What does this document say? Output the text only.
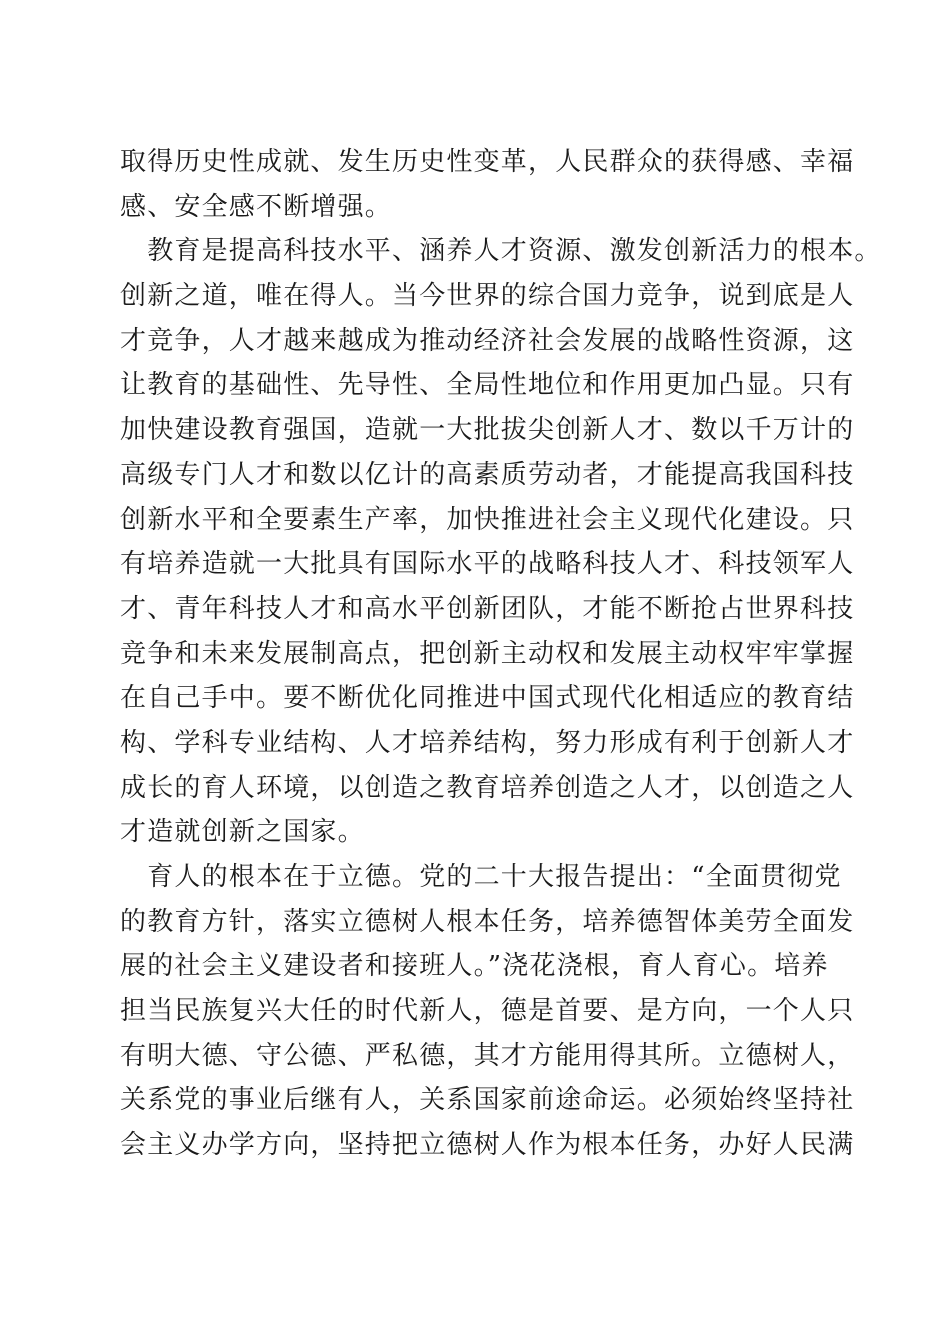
取得历史性成就、发生历史性变革，人民群众的获得感、幸福
感、安全感不断增强。
　教育是提高科技水平、涵养人才资源、激发创新活力的根本。
创新之道，唯在得人。当今世界的综合国力竞争，说到底是人
才竞争，人才越来越成为推动经济社会发展的战略性资源，这
让教育的基础性、先导性、全局性地位和作用更加凸显。只有
加快建设教育强国，造就一大批拔尖创新人才、数以千万计的
高级专门人才和数以亿计的高素质劳动者，才能提高我国科技
创新水平和全要素生产率，加快推进社会主义现代化建设。只
有培养造就一大批具有国际水平的战略科技人才、科技领军人
才、青年科技人才和高水平创新团队，才能不断抢占世界科技
竞争和未来发展制高点，把创新主动权和发展主动权牢牢掌握
在自己手中。要不断优化同推进中国式现代化相适应的教育结
构、学科专业结构、人才培养结构，努力形成有利于创新人才
成长的育人环境，以创造之教育培养创造之人才，以创造之人
才造就创新之国家。
　育人的根本在于立德。党的二十大报告提出：“全面贯彻党
的教育方针，落实立德树人根本任务，培养德智体美劳全面发
展的社会主义建设者和接班人。”浇花浇根，育人育心。培养
担当民族复兴大任的时代新人，德是首要、是方向，一个人只
有明大德、守公德、严私德，其才方能用得其所。立德树人，
关系党的事业后继有人，关系国家前途命运。必须始终坚持社
会主义办学方向，坚持把立德树人作为根本任务，办好人民满
